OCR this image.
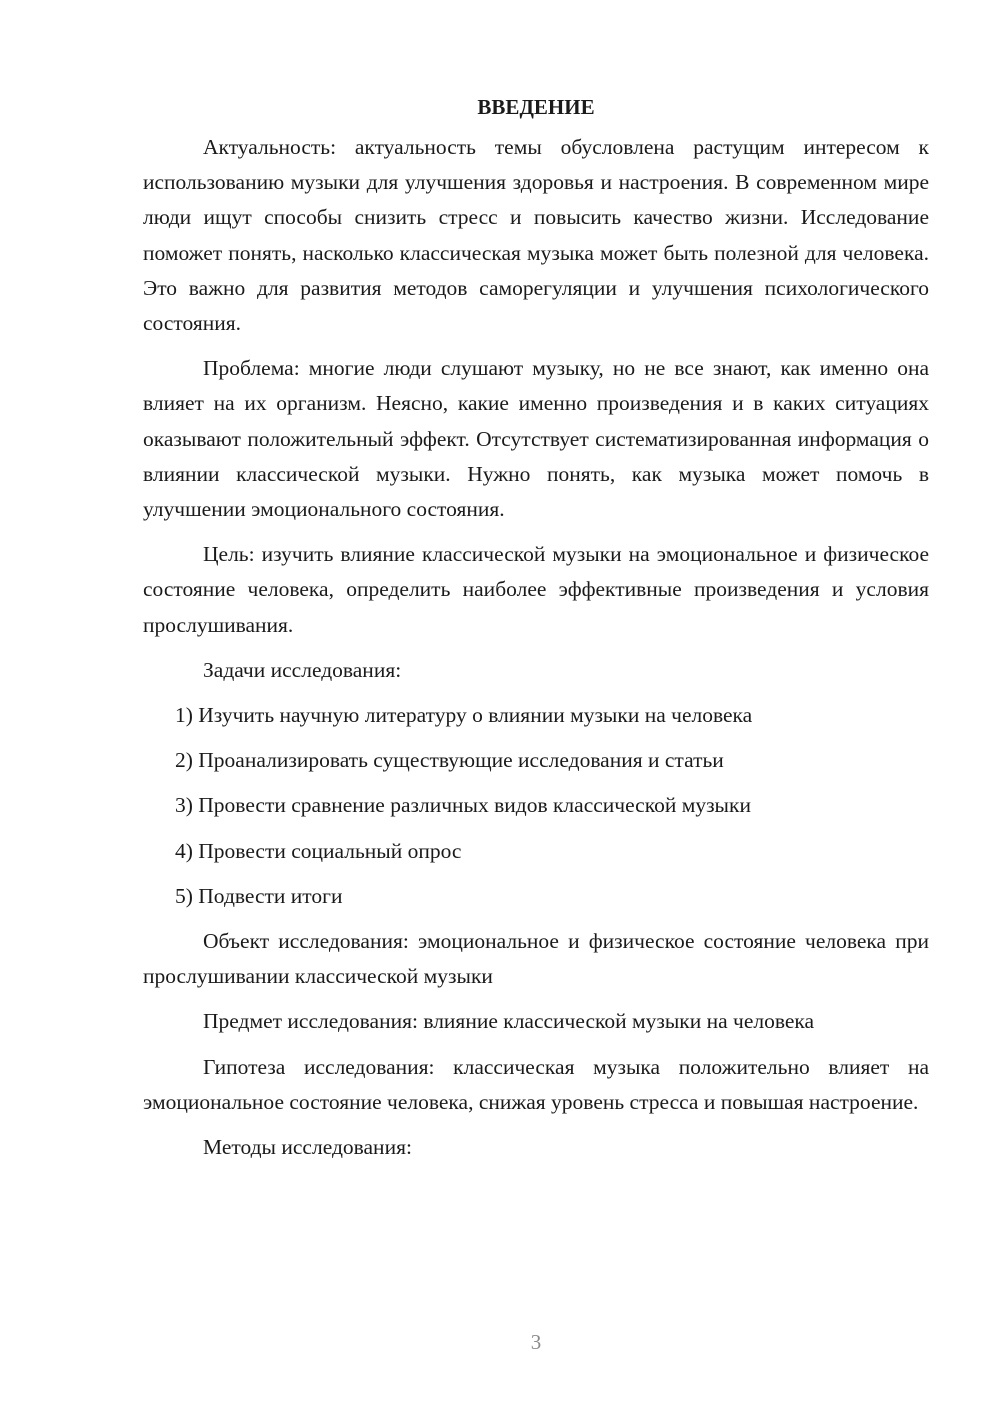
ВВЕДЕНИЕ

Актуальность: актуальность темы обусловлена растущим интересом к использованию музыки для улучшения здоровья и настроения. В современном мире люди ищут способы снизить стресс и повысить качество жизни. Исследование поможет понять, насколько классическая музыка может быть полезной для человека. Это важно для развития методов саморегуляции и улучшения психологического состояния.

Проблема: многие люди слушают музыку, но не все знают, как именно она влияет на их организм. Неясно, какие именно произведения и в каких ситуациях оказывают положительный эффект. Отсутствует систематизированная информация о влиянии классической музыки. Нужно понять, как музыка может помочь в улучшении эмоционального состояния.

Цель: изучить влияние классической музыки на эмоциональное и физическое состояние человека, определить наиболее эффективные произведения и условия прослушивания.

Задачи исследования:

1) Изучить научную литературу о влиянии музыки на человека

2) Проанализировать существующие исследования и статьи

3) Провести сравнение различных видов классической музыки

4) Провести социальный опрос

5) Подвести итоги

Объект исследования: эмоциональное и физическое состояние человека при прослушивании классической музыки

Предмет исследования: влияние классической музыки на человека

Гипотеза исследования: классическая музыка положительно влияет на эмоциональное состояние человека, снижая уровень стресса и повышая настроение.

Методы исследования:

3
